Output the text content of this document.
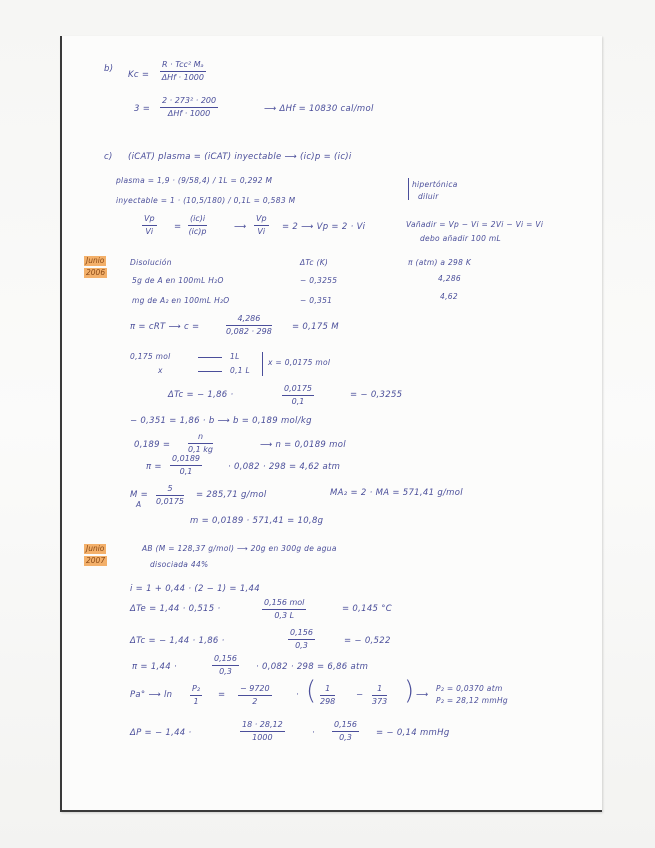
b)
Kc =
R · Tcc² Mₐ
ΔHf · 1000
3 =
2 · 273² · 200
ΔHf · 1000	⟶ ΔHf = 10830 cal/mol
c) (iCAT) plasma = (iCAT) inyectable ⟶ (ic)p = (ic)i
plasma = 1,9 · (9/58,4) / 1L = 0,292 M
inyectable = 1 · (10,5/180) / 0,1L = 0,583 M
hipertónica
diluir
$\frac{Vp}{Vi} = \frac{(ic)i}{(ic)p}$	⟶ $\frac{Vp}{Vi} = 2$ ⟶ Vp = 2 · Vi	Vañadir = Vp − Vi = 2Vi − Vi = Vi
debo añadir 100 mL
Junio
2006
Disolución	ΔTc (K)	π (atm) a 298 K
5g de A en 100mL H₂O	− 0,3255	4,286
mg de A₂ en 100mL H₂O	− 0,351	4,62
π = cRT ⟶ c =	$\frac{4,286}{0,082 \cdot 298} = 0,175$ M
0,175 mol	1L
x	0,1 L
x = 0,0175 mol
ΔTc = − 1,86 ·	$\frac{0,0175}{0,1}$	= − 0,3255
− 0,351 = 1,86 · b ⟶ b = 0,189 mol/kg
$0,189 = \frac{n}{0,1 kg}$	⟶ n = 0,0189 mol
$\pi = \frac{0,0189}{0,1}$	· 0,082 · 298 = 4,62 atm
M =
A $\frac{5}{0,0175} = 285,71$ g/mol	MA₂ = 2 · MA = 571,41 g/mol
m = 0,0189 · 571,41 = 10,8g
Junio
2007
AB (M = 128,37 g/mol) ⟶ 20g en 300g de agua
disociada 44%
i = 1 + 0,44 · (2 − 1) = 1,44
ΔTe = 1,44 · 0,515 ·
0,156 mol
0,3 L
= 0,145 °C
ΔTc = − 1,44 · 1,86 ·	$\frac{0,156}{0,3}$	= − 0,522
π = 1,44 ·	$\frac{0,156}{0,3} \cdot 0,082 \cdot 298 = 6,86$ atm
Pa° ⟶ $\ln \frac{\text{P₂}}{1} = \frac{- 9720}{2}$	· ( $\frac{1}{298} - \frac{1}{373}$ ) ⟶
P₂ = 0,0370 atm
P₂ = 28,12 mmHg
ΔP = − 1,44 ·	$\frac{18 \cdot 28,12}{1000}$	· $\frac{0,156}{0,3}$ = − 0,14 mmHg
